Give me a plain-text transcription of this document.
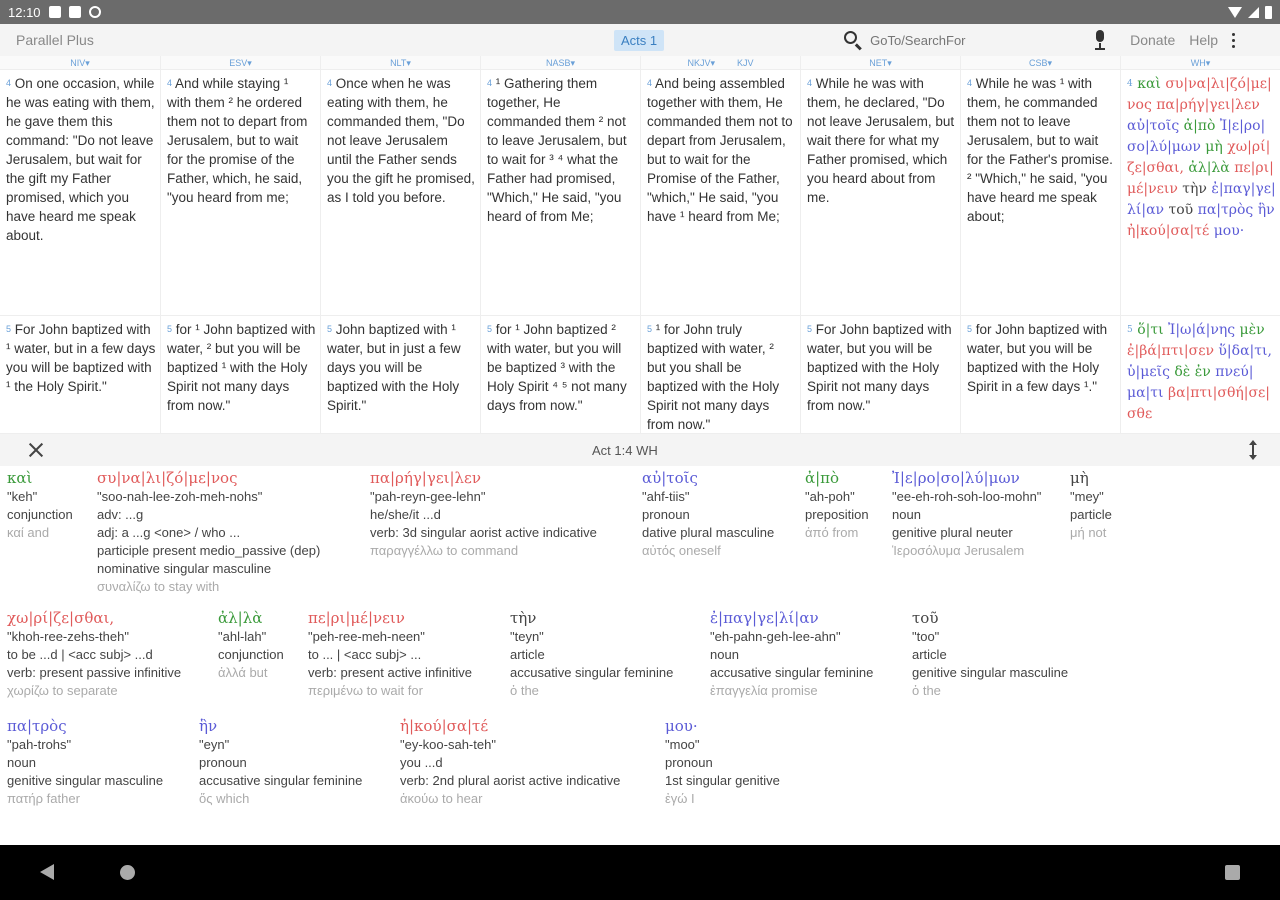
12:10
Parallel Plus	Acts 1
GoTo/SearchFor	Donate Help
NIV▾
$^4$ On one occasion, while he was eating with them, he gave them this command: "Do not leave Jerusalem, but wait for the gift my Father promised, which you have heard me speak about.
$^5$ For John baptized with ¹ water, but in a few days you will be baptized with ¹ the Holy Spirit."
ESV▾
$^4$ And while staying ¹ with them ² he ordered them not to depart from Jerusalem, but to wait for the promise of the Father, which, he said, "you heard from me;
$^5$ for ¹ John baptized with water, ² but you will be baptized ¹ with the Holy Spirit not many days from now."
NLT▾
$^4$ Once when he was eating with them, he commanded them, "Do not leave Jerusalem until the Father sends you the gift he promised, as I told you before.
$^5$ John baptized with ¹ water, but in just a few days you will be baptized with the Holy Spirit."
NASB▾
$^4$ ¹ Gathering them together, He commanded them ² not to leave Jerusalem, but to wait for ³ ⁴ what the Father had promised, "Which," He said, "you heard of from Me;
$^5$ for ¹ John baptized ² with water, but you will be baptized ³ with the Holy Spirit ⁴ ⁵ not many days from now."
NKJV▾ KJV
$^4$ And being assembled together with them, He commanded them not to depart from Jerusalem, but to wait for the Promise of the Father, "which," He said, "you have ¹ heard from Me;
$^5$ ¹ for John truly baptized with water, ² but you shall be baptized with the Holy Spirit not many days from now."
NET▾
$^4$ While he was with them, he declared, "Do not leave Jerusalem, but wait there for what my Father promised, which you heard about from me.
$^5$ For John baptized with water, but you will be baptized with the Holy Spirit not many days from now."
CSB▾
$^4$ While he was ¹ with them, he commanded them not to leave Jerusalem, but to wait for the Father's promise. ² "Which," he said, "you have heard me speak about;
$^5$ for John baptized with water, but you will be baptized with the Holy Spirit in a few days ¹."
WH▾
$^4$ καὶ συ|να|λι|ζό|με|νος πα|ρήγ|γει|λεν αὐ|τοῖς ἀ|πὸ Ἰ|ε|ρο|σο|λύ|μων μὴ χω|ρί|ζε|σθαι, ἀλ|λὰ πε|ρι|μέ|νειν τὴν ἐ|παγ|γε|λί|αν τοῦ πα|τρὸς ἣν ἠ|κού|σα|τέ μου·
$^5$ ὅ|τι Ἰ|ω|ά|νης μὲν ἐ|βά|πτι|σεν ὕ|δα|τι, ὑ|μεῖς δὲ ἐν πνεύ|μα|τι βα|πτι|σθή|σε|σθε
Act 1:4 WH
καὶ
"keh"
conjunction
καί and
συ|να|λι|ζό|με|νος
"soo-nah-lee-zoh-meh-nohs"
adv: ...g
adj: a ...g <one> / who ...
participle present medio_passive (dep)
nominative singular masculine
συναλίζω to stay with
πα|ρήγ|γει|λεν
"pah-reyn-gee-lehn"
he/she/it ...d
verb: 3d singular aorist active indicative
παραγγέλλω to command
αὐ|τοῖς
"ahf-tiis"
pronoun
dative plural masculine
αὐτός oneself
ἀ|πὸ
"ah-poh"
preposition
ἀπό from
Ἰ|ε|ρο|σο|λύ|μων
"ee-eh-roh-soh-loo-mohn"
noun
genitive plural neuter
Ἱεροσόλυμα Jerusalem
μὴ
"mey"
particle
μή not
χω|ρί|ζε|σθαι,
"khoh-ree-zehs-theh"
to be ...d | <acc subj> ...d
verb: present passive infinitive
χωρίζω to separate
ἀλ|λὰ
"ahl-lah"
conjunction
ἀλλά but
πε|ρι|μέ|νειν
"peh-ree-meh-neen"
to ... | <acc subj> ...
verb: present active infinitive
περιμένω to wait for
τὴν
"teyn"
article
accusative singular feminine
ὁ the
ἐ|παγ|γε|λί|αν
"eh-pahn-geh-lee-ahn"
noun
accusative singular feminine
ἐπαγγελία promise
τοῦ
"too"
article
genitive singular masculine
ὁ the
πα|τρὸς
"pah-trohs"
noun
genitive singular masculine
πατήρ father
ἣν
"eyn"
pronoun
accusative singular feminine
ὅς which
ἠ|κού|σα|τέ
"ey-koo-sah-teh"
you ...d
verb: 2nd plural aorist active indicative
ἀκούω to hear
μου·
"moo"
pronoun
1st singular genitive
ἐγώ I
